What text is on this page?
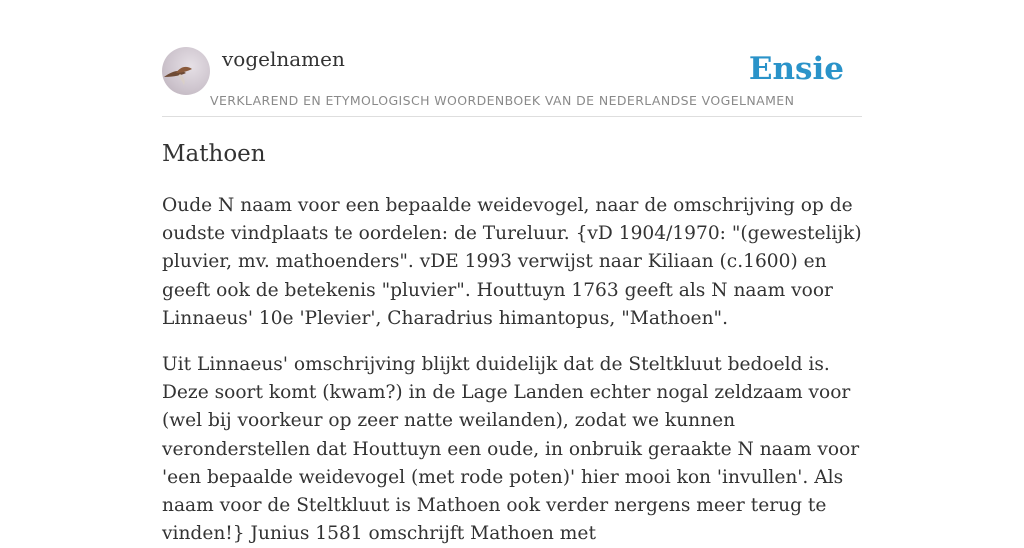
vogelnamen
VERKLAREND EN ETYMOLOGISCH WOORDENBOEK VAN DE NEDERLANDSE VOGELNAMEN
Ensie
Mathoen

Oude N naam voor een bepaalde weidevogel, naar de omschrijving op de oudste vindplaats te oordelen: de Tureluur. {vD 1904/1970: "(gewestelijk) pluvier, mv. mathoenders". vDE 1993 verwijst naar Kiliaan (c.1600) en geeft ook de betekenis "pluvier". Houttuyn 1763 geeft als N naam voor Linnaeus' 10e 'Plevier', Charadrius himantopus, "Mathoen".

Uit Linnaeus' omschrijving blijkt duidelijk dat de Steltkluut bedoeld is. Deze soort komt (kwam?) in de Lage Landen echter nogal zeldzaam voor (wel bij voorkeur op zeer natte weilanden), zodat we kunnen veronderstellen dat Houttuyn een oude, in onbruik geraakte N naam voor 'een bepaalde weidevogel (met rode poten)' hier mooi kon 'invullen'. Als naam voor de Steltkluut is Mathoen ook verder nergens meer terug te vinden!} Junius 1581 omschrijft Mathoen met
